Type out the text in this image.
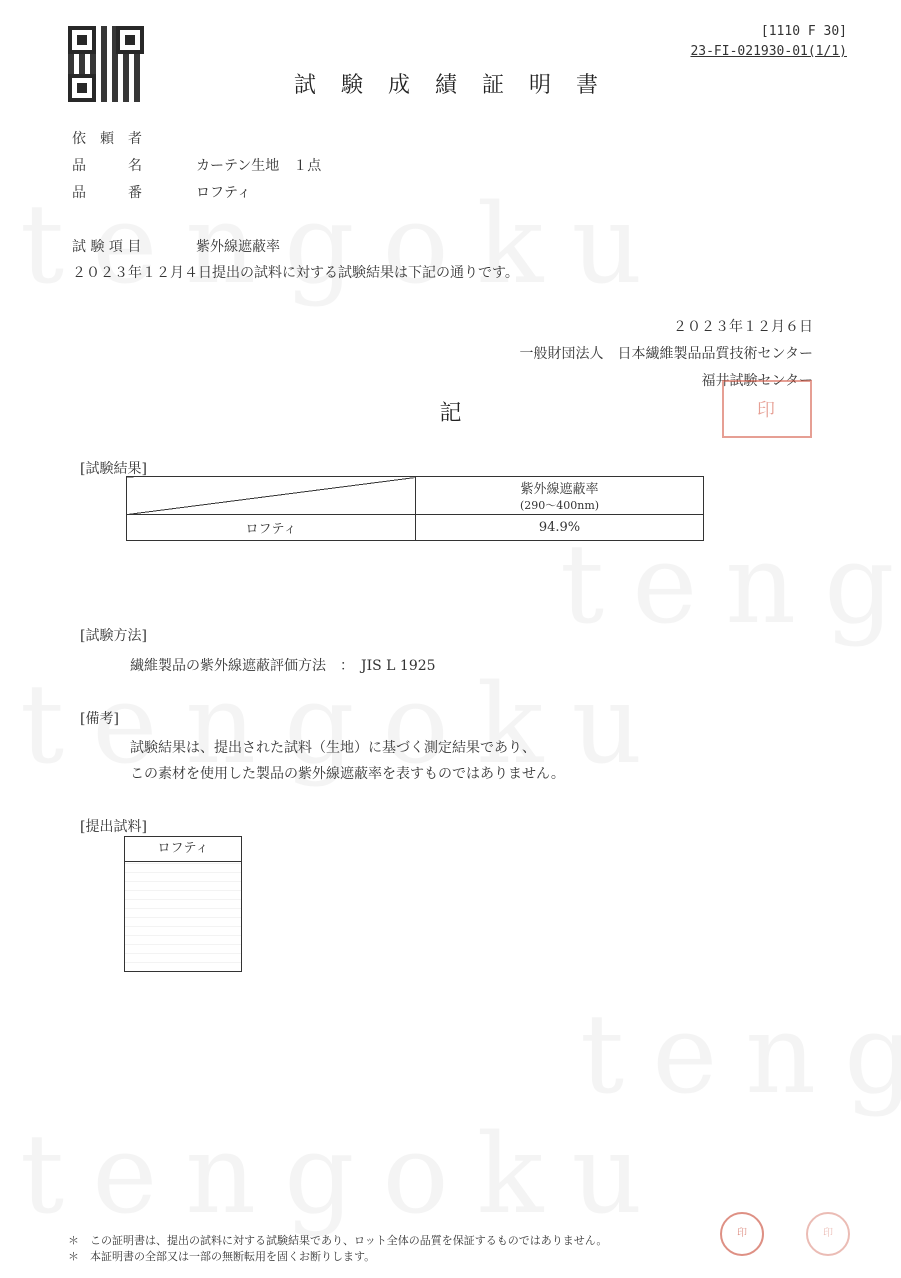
[1110 F 30]
23-FI-021930-01(1/1)
試 験 成 績 証 明 書
依　頼　者
品　　　名	カーテン生地　１点
品　　　番	ロフティ
試 験 項 目	紫外線遮蔽率
２０２３年１２月４日提出の試料に対する試験結果は下記の通りです。
２０２３年１２月６日
一般財団法人　日本繊維製品品質技術センター
福井試験センター
印
記
[試験結果]

	紫外線遮蔽率
(290〜400nm)

ロフティ	94.9%
[試験方法]
繊維製品の紫外線遮蔽評価方法　：　JIS L 1925
[備考]
試験結果は、提出された試料（生地）に基づく測定結果であり、
この素材を使用した製品の紫外線遮蔽率を表すものではありません。
[提出試料]
ロフティ
印	印
＊　この証明書は、提出の試料に対する試験結果であり、ロット全体の品質を保証するものではありません。
＊　本証明書の全部又は一部の無断転用を固くお断りします。
